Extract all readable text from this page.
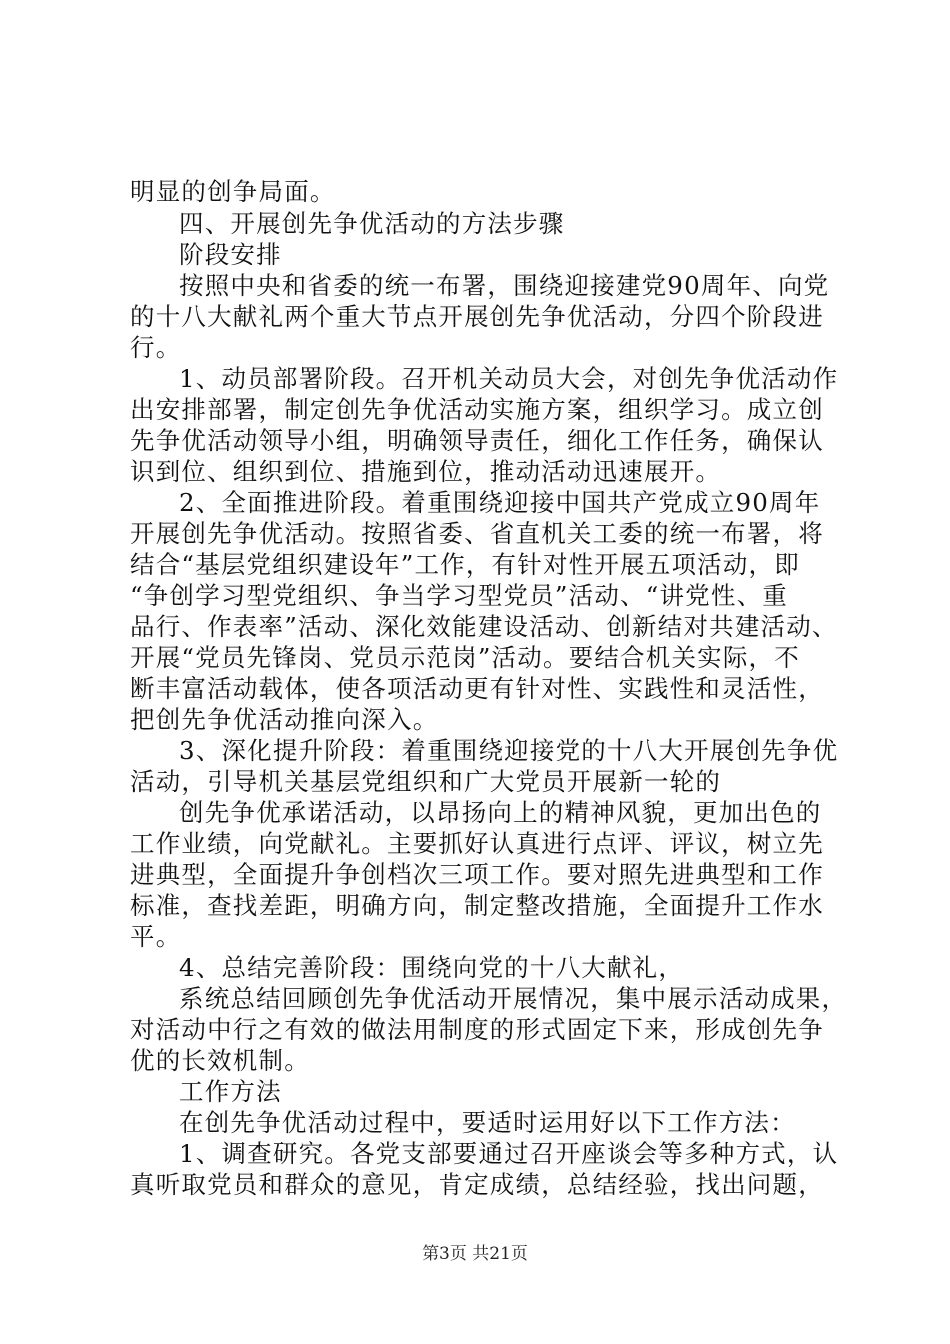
明显的创争局面。
四、开展创先争优活动的方法步骤
阶段安排
按照中央和省委的统一布署，围绕迎接建党90周年、向党
的十八大献礼两个重大节点开展创先争优活动，分四个阶段进
行。
1、动员部署阶段。召开机关动员大会，对创先争优活动作
出安排部署，制定创先争优活动实施方案，组织学习。成立创
先争优活动领导小组，明确领导责任，细化工作任务，确保认
识到位、组织到位、措施到位，推动活动迅速展开。
2、全面推进阶段。着重围绕迎接中国共产党成立90周年
开展创先争优活动。按照省委、省直机关工委的统一布署，将
结合“基层党组织建设年”工作，有针对性开展五项活动，即
“争创学习型党组织、争当学习型党员”活动、“讲党性、重
品行、作表率”活动、深化效能建设活动、创新结对共建活动、
开展“党员先锋岗、党员示范岗”活动。要结合机关实际，不
断丰富活动载体，使各项活动更有针对性、实践性和灵活性，
把创先争优活动推向深入。
3、深化提升阶段：着重围绕迎接党的十八大开展创先争优
活动，引导机关基层党组织和广大党员开展新一轮的
创先争优承诺活动，以昂扬向上的精神风貌，更加出色的
工作业绩，向党献礼。主要抓好认真进行点评、评议，树立先
进典型，全面提升争创档次三项工作。要对照先进典型和工作
标准，查找差距，明确方向，制定整改措施，全面提升工作水
平。
4、总结完善阶段：围绕向党的十八大献礼，
系统总结回顾创先争优活动开展情况，集中展示活动成果，
对活动中行之有效的做法用制度的形式固定下来，形成创先争
优的长效机制。
工作方法
在创先争优活动过程中，要适时运用好以下工作方法：
1、调查研究。各党支部要通过召开座谈会等多种方式，认
真听取党员和群众的意见，肯定成绩，总结经验，找出问题，
第3页 共21页
